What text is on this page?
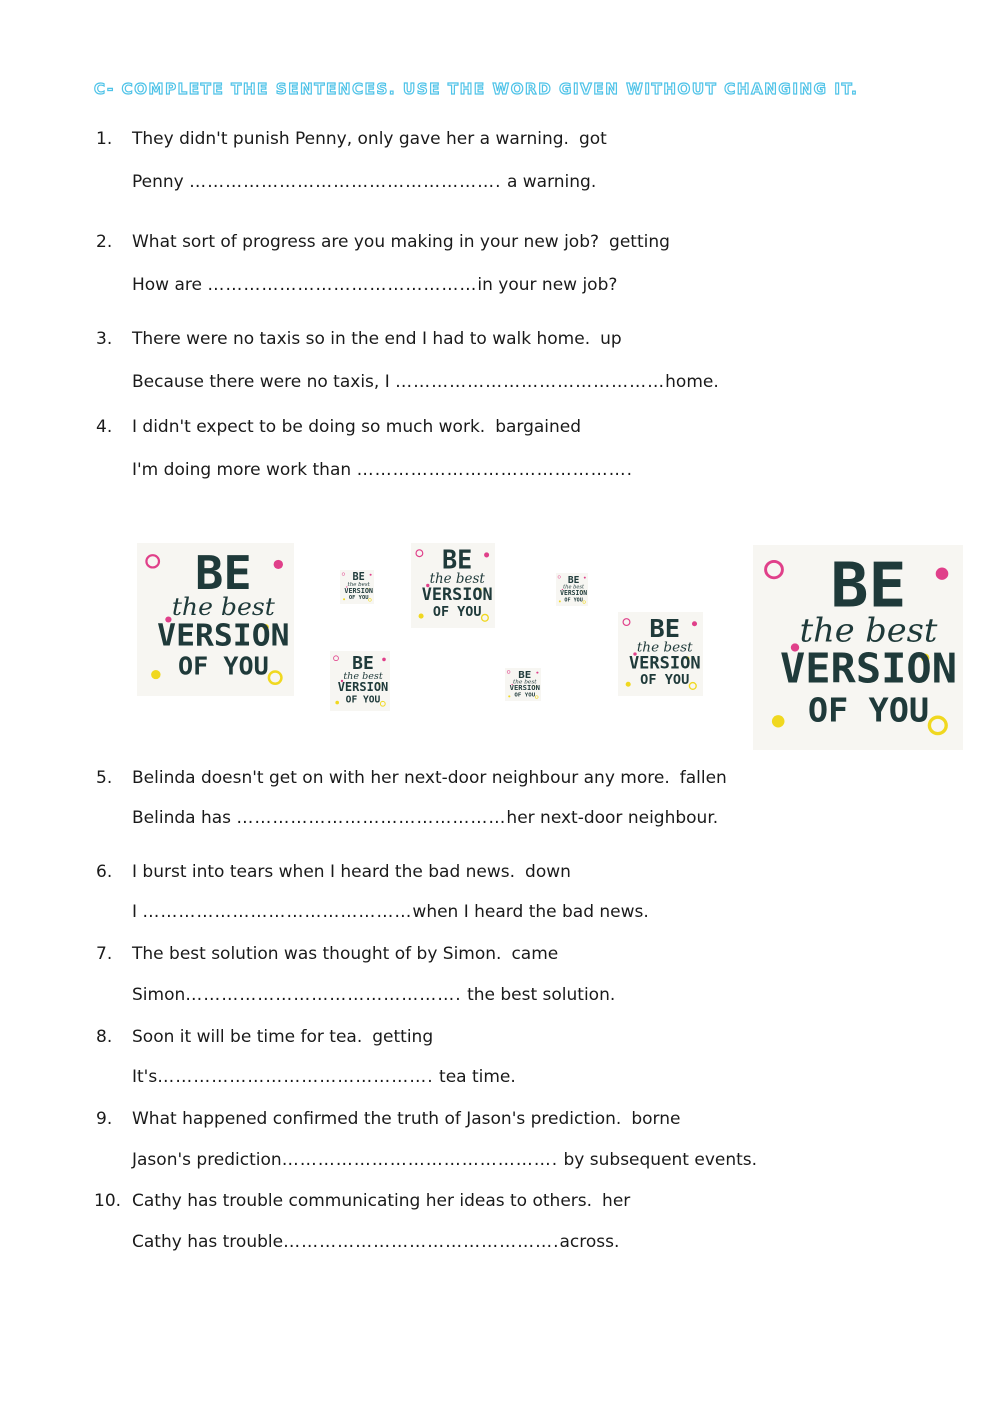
C- COMPLETE THE SENTENCES. USE THE WORD GIVEN WITHOUT CHANGING IT.
1. They didn't punish Penny, only gave her a warning. got
Penny ……………………………………………. a warning.
2. What sort of progress are you making in your new job? getting
How are ………………………………………in your new job?
3. There were no taxis so in the end I had to walk home. up
Because there were no taxis, I ………………………………………home.
4. I didn't expect to be doing so much work. bargained
I'm doing more work than ……………………………………….
BE
the best
VERSION
OF YOU
BE
the best
VERSION
OF YOU
BE
the best
VERSION
OF YOU
BE
the best
VERSION
OF YOU
BE
the best
VERSION
OF YOU
BE
the best
VERSION
OF YOU
BE
the best
VERSION
OF YOU
BE
the best
VERSION
OF YOU
5. Belinda doesn't get on with her next-door neighbour any more. fallen
Belinda has ………………………………………her next-door neighbour.
6. I burst into tears when I heard the bad news. down
I ………………………………………when I heard the bad news.
7. The best solution was thought of by Simon. came
Simon………………………………………. the best solution.
8. Soon it will be time for tea. getting
It's………………………………………. tea time.
9. What happened confirmed the truth of Jason's prediction. borne
Jason's prediction………………………………………. by subsequent events.
10. Cathy has trouble communicating her ideas to others. her
Cathy has trouble……………………………………….across.
